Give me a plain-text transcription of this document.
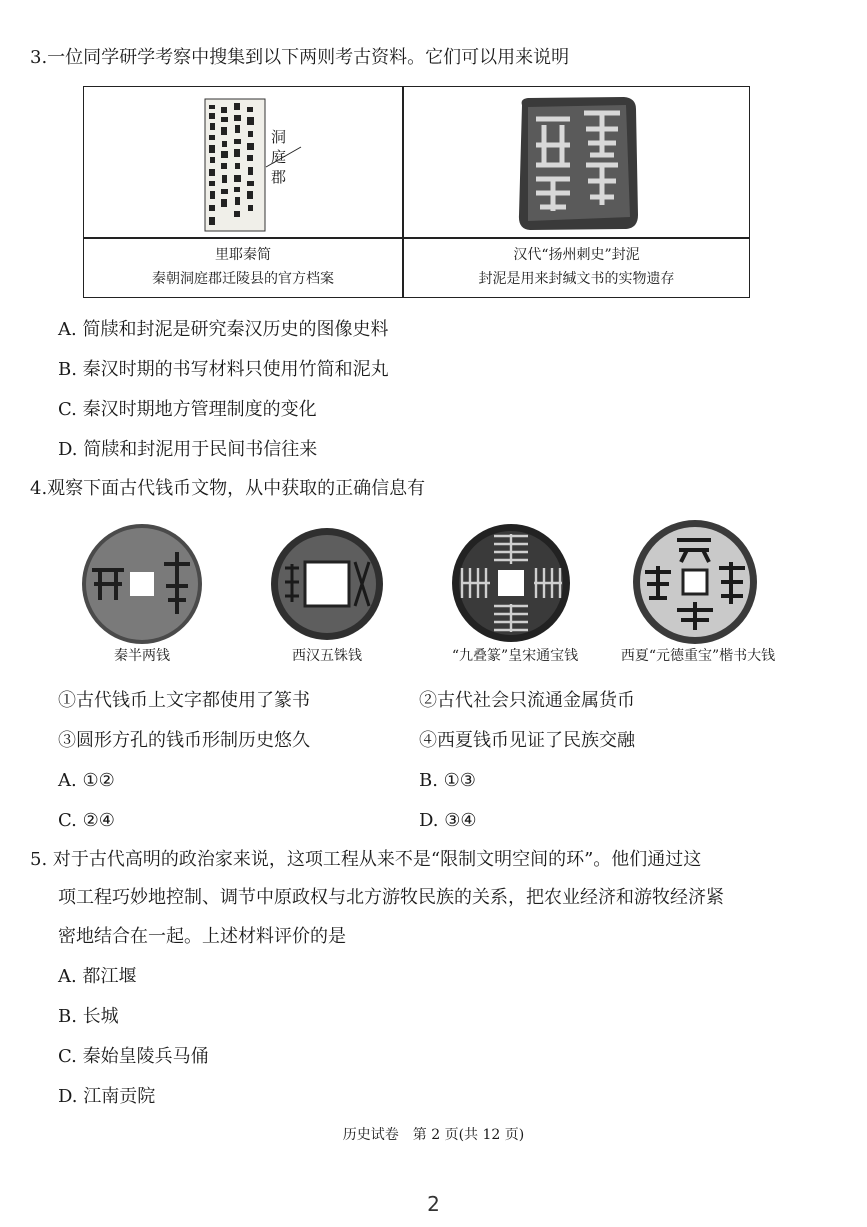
3.一位同学研学考察中搜集到以下两则考古资料。它们可以用来说明
洞庭郡
里耶秦简
秦朝洞庭郡迁陵县的官方档案
汉代“扬州刺史”封泥
封泥是用来封缄文书的实物遗存
A. 简牍和封泥是研究秦汉历史的图像史料
B. 秦汉时期的书写材料只使用竹简和泥丸
C. 秦汉时期地方管理制度的变化
D. 简牍和封泥用于民间书信往来
4.观察下面古代钱币文物，从中获取的正确信息有
秦半两钱	西汉五铢钱	“九叠篆”皇宋通宝钱	西夏“元德重宝”楷书大钱
①古代钱币上文字都使用了篆书	②古代社会只流通金属货币
③圆形方孔的钱币形制历史悠久	④西夏钱币见证了民族交融
A. ①②	B. ①③
C. ②④	D. ③④
5. 对于古代高明的政治家来说，这项工程从来不是“限制文明空间的环”。他们通过这
项工程巧妙地控制、调节中原政权与北方游牧民族的关系，把农业经济和游牧经济紧
密地结合在一起。上述材料评价的是
A. 都江堰
B. 长城
C. 秦始皇陵兵马俑
D. 江南贡院
历史试卷　第 2 页(共 12 页)
2
